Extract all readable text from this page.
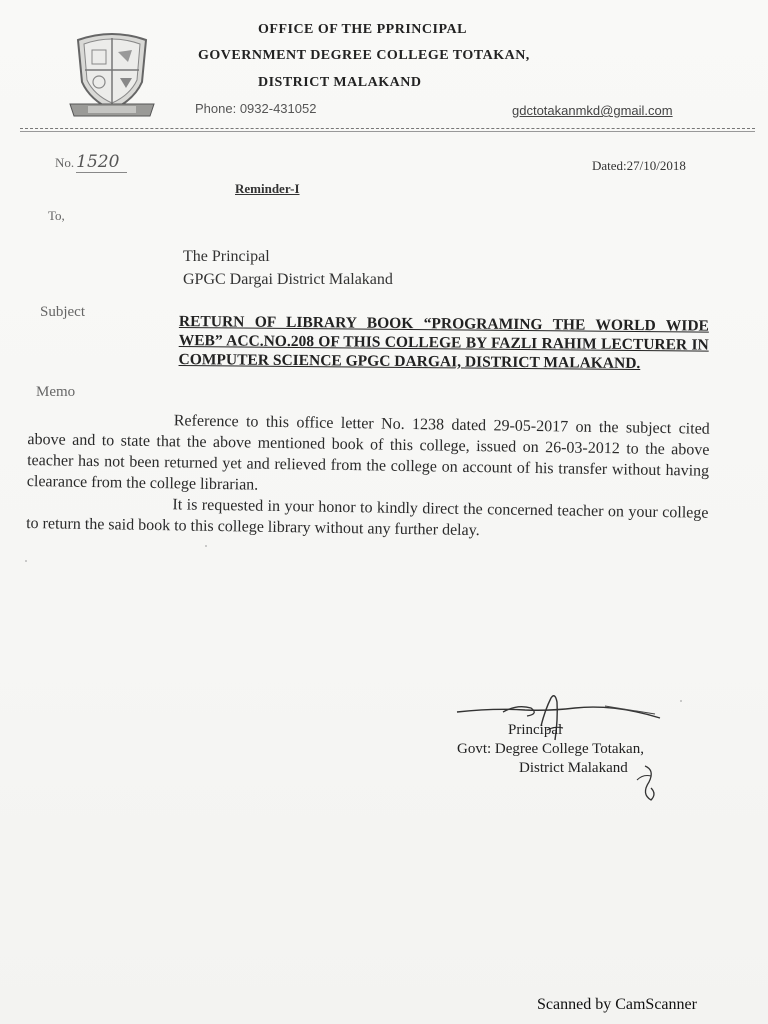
OFFICE OF THE PPRINCIPAL
GOVERNMENT DEGREE COLLEGE TOTAKAN,
DISTRICT MALAKAND
Phone: 0932-431052	gdctotakanmkd@gmail.com
No. 1520	Dated:27/10/2018
Reminder-I
To,
The Principal
GPGC Dargai District Malakand
Subject
RETURN OF LIBRARY BOOK “PROGRAMING THE WORLD WIDE WEB” ACC.NO.208 OF THIS COLLEGE BY FAZLI RAHIM LECTURER IN COMPUTER SCIENCE GPGC DARGAI, DISTRICT MALAKAND.
Memo

Reference to this office letter No. 1238 dated 29-05-2017 on the subject cited above and to state that the above mentioned book of this college, issued on 26-03-2012 to the above teacher has not been returned yet and relieved from the college on account of his transfer without having clearance from the college librarian.

It is requested in your honor to kindly direct the concerned teacher on your college to return the said book to this college library without any further delay.

Principal
Govt: Degree College Totakan,
District Malakand
Scanned by CamScanner
